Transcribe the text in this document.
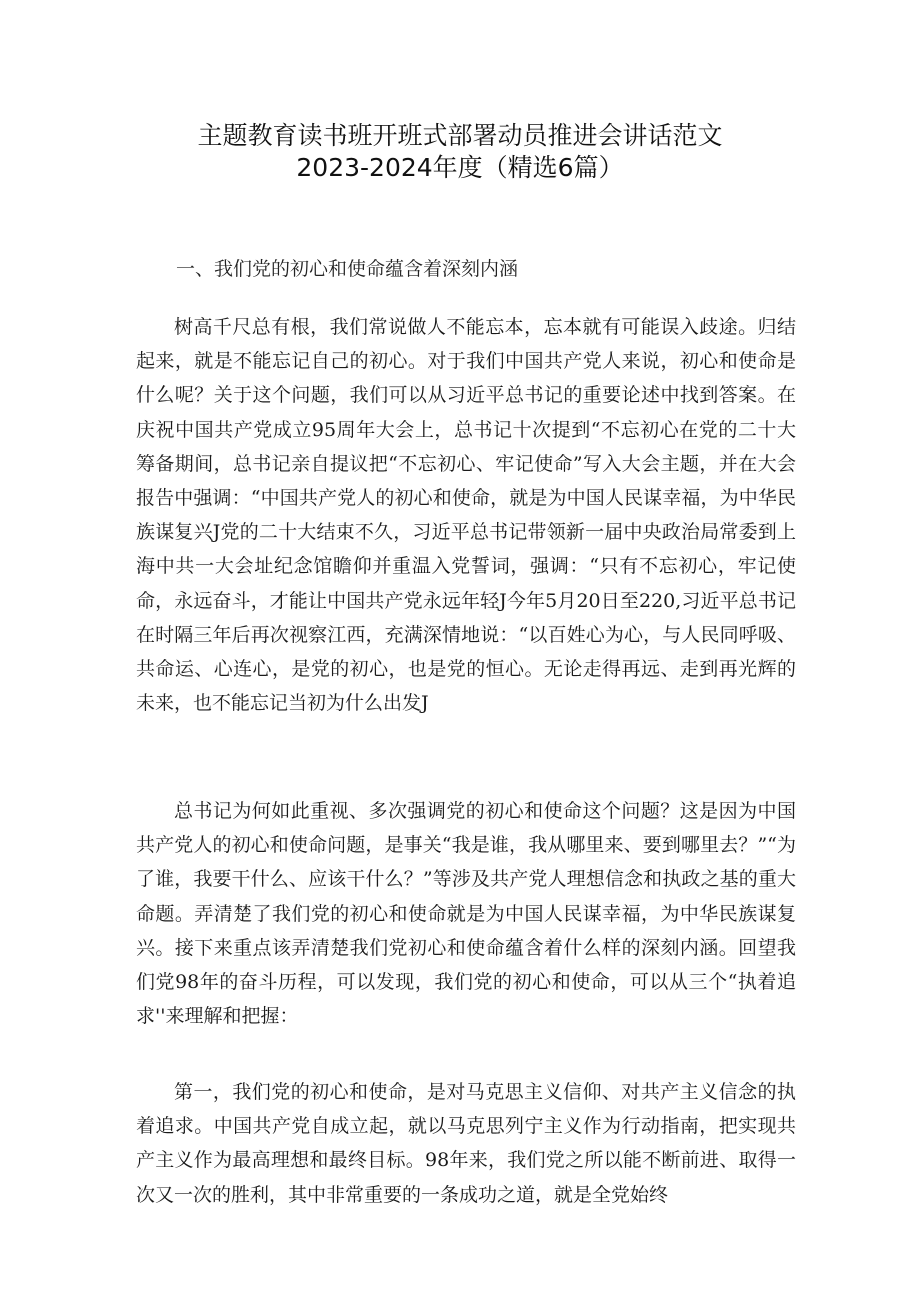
主题教育读书班开班式部署动员推进会讲话范文
2023-2024年度（精选6篇）
一、我们党的初心和使命蕴含着深刻内涵
树高千尺总有根，我们常说做人不能忘本，忘本就有可能误入歧途。归结起来，就是不能忘记自己的初心。对于我们中国共产党人来说，初心和使命是什么呢？关于这个问题，我们可以从习近平总书记的重要论述中找到答案。在庆祝中国共产党成立95周年大会上，总书记十次提到“不忘初心在党的二十大筹备期间，总书记亲自提议把“不忘初心、牢记使命”写入大会主题，并在大会报告中强调：“中国共产党人的初心和使命，就是为中国人民谋幸福，为中华民族谋复兴J党的二十大结束不久，习近平总书记带领新一届中央政治局常委到上海中共一大会址纪念馆瞻仰并重温入党誓词，强调：“只有不忘初心，牢记使命，永远奋斗，才能让中国共产党永远年轻J今年5月20日至220,习近平总书记在时隔三年后再次视察江西，充满深情地说：“以百姓心为心，与人民同呼吸、共命运、心连心，是党的初心，也是党的恒心。无论走得再远、走到再光辉的未来，也不能忘记当初为什么出发J
总书记为何如此重视、多次强调党的初心和使命这个问题？这是因为中国共产党人的初心和使命问题，是事关“我是谁，我从哪里来、要到哪里去？”“为了谁，我要干什么、应该干什么？”等涉及共产党人理想信念和执政之基的重大命题。弄清楚了我们党的初心和使命就是为中国人民谋幸福，为中华民族谋复兴。接下来重点该弄清楚我们党初心和使命蕴含着什么样的深刻内涵。回望我们党98年的奋斗历程，可以发现，我们党的初心和使命，可以从三个“执着追求''来理解和把握：
第一，我们党的初心和使命，是对马克思主义信仰、对共产主义信念的执着追求。中国共产党自成立起，就以马克思列宁主义作为行动指南，把实现共产主义作为最高理想和最终目标。98年来，我们党之所以能不断前进、取得一次又一次的胜利，其中非常重要的一条成功之道，就是全党始终
